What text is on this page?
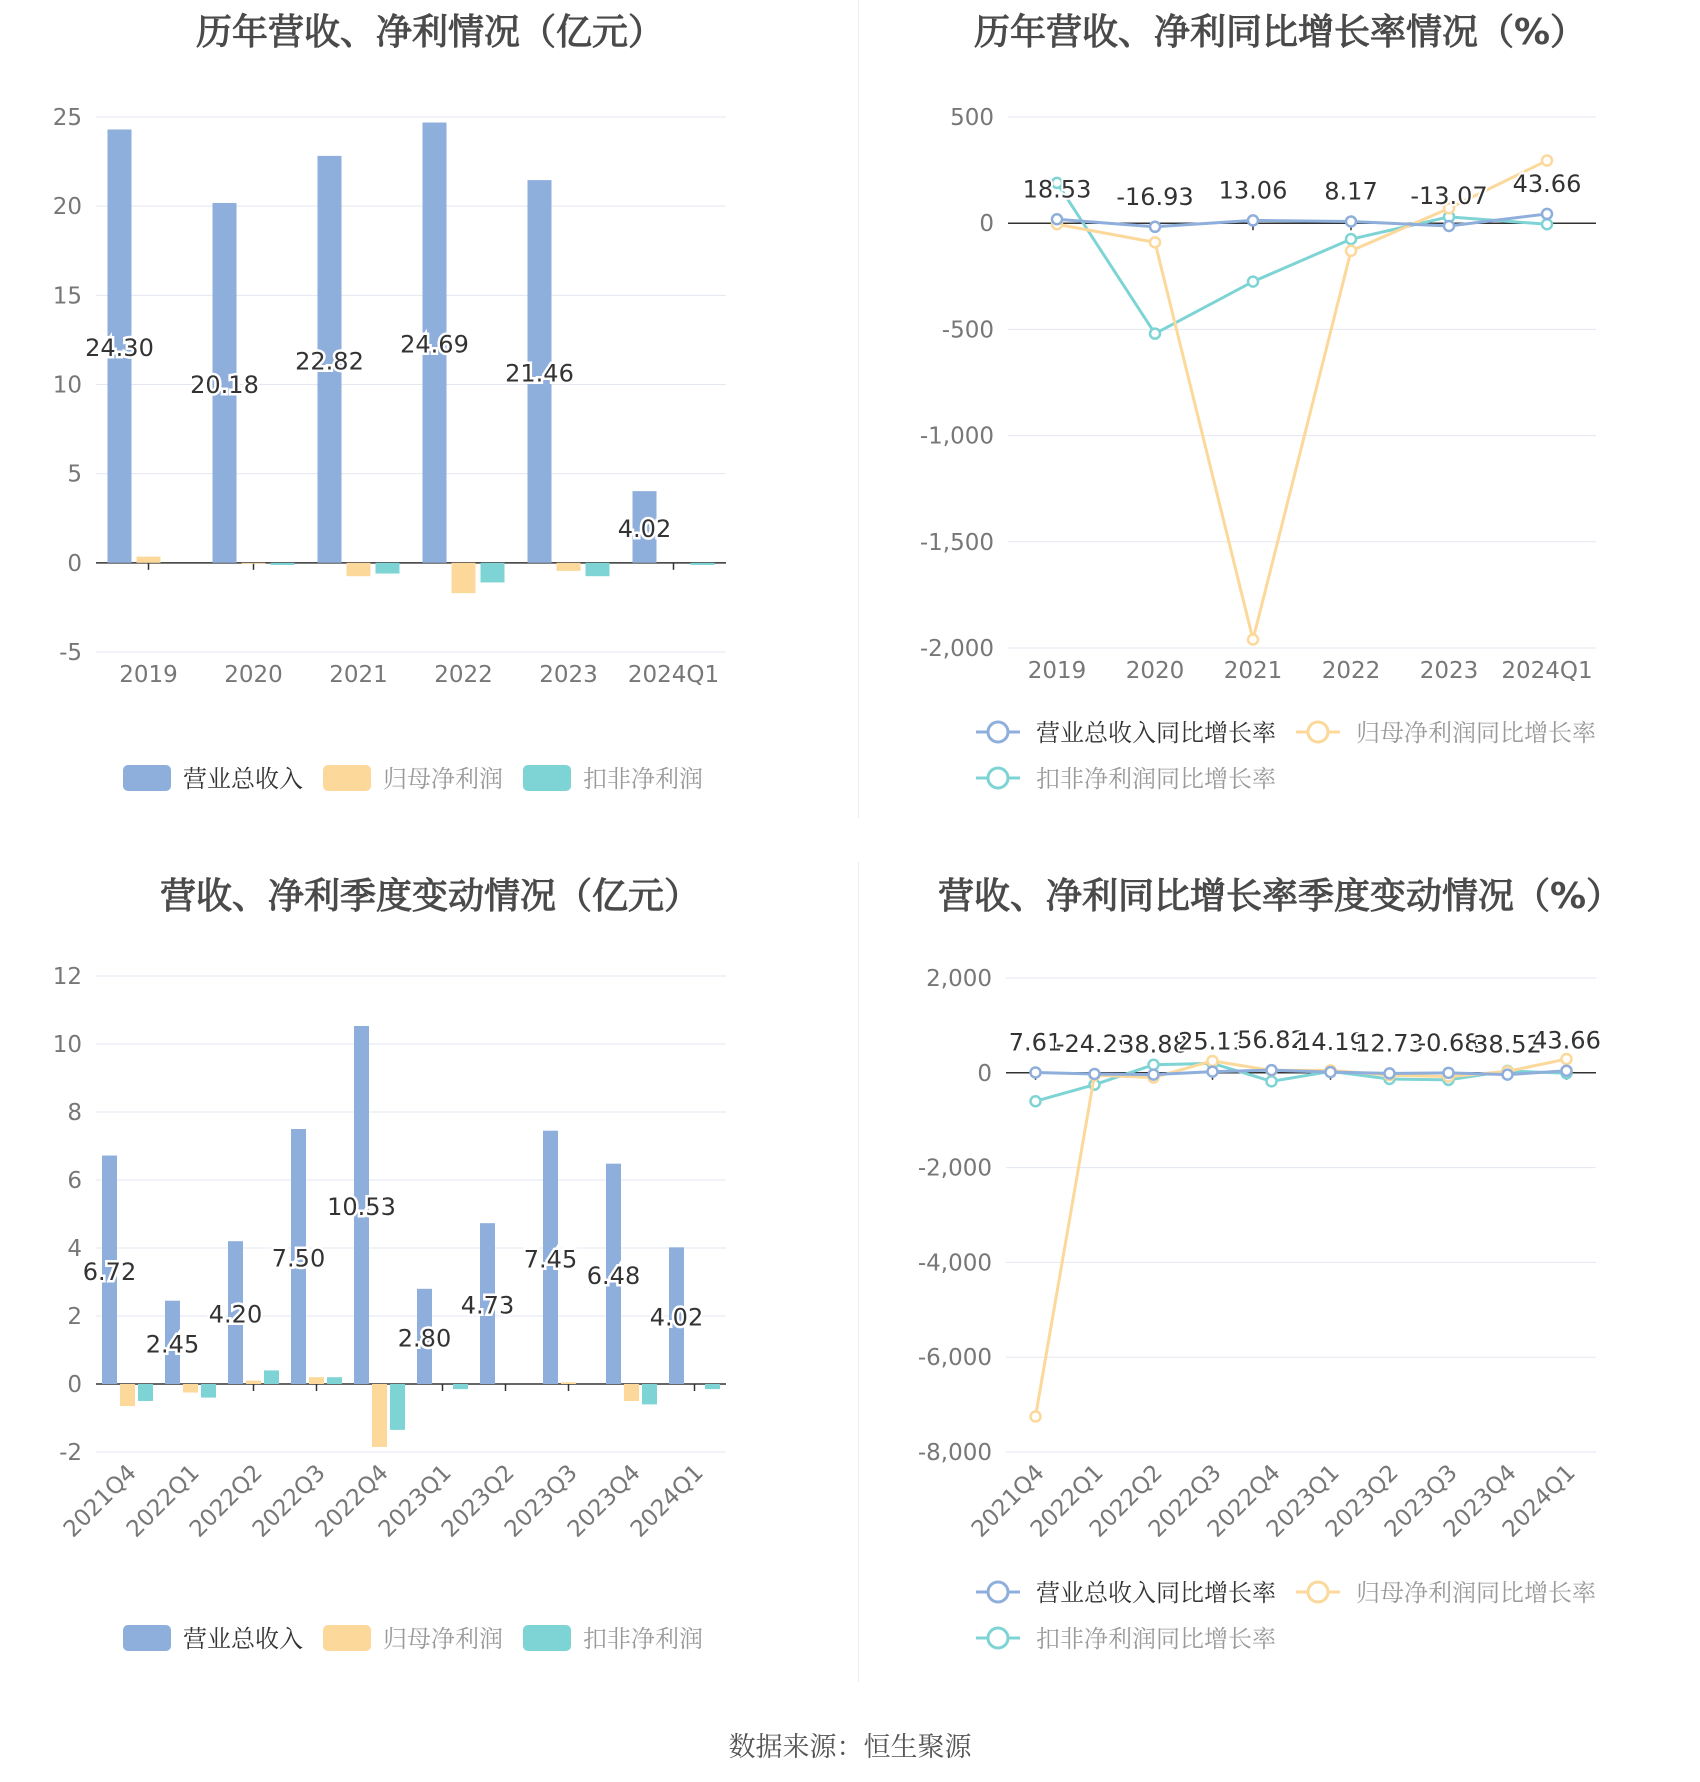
历年营收、净利情况（亿元）
25
20
15
10
5
0
-5
24.30
2019
20.18
2020
22.82
2021
24.69
2022
21.46
2023
4.02
2024Q1
营业总收入	归母净利润	扣非净利润
历年营收、净利同比增长率情况（%）
500
0
-500
-1,000
-1,500
-2,000
2019 2020 2021 2022 2023 2024Q1
18.53 -16.93 13.06 8.17 -13.07 43.66
营业总收入同比增长率	归母净利润同比增长率
扣非净利润同比增长率
营收、净利季度变动情况（亿元）
12
10
8
6
4
2
0
-2
6.72
2021Q4
2.45
2022Q1
4.20
2022Q2
7.50
2022Q3
10.53
2022Q4
2.80
2023Q1
4.73
2023Q2
7.45
2023Q3
6.48
2023Q4
4.02
2024Q1
营业总收入	归母净利润	扣非净利润
营收、净利同比增长率季度变动情况（%）
2,000
0
-2,000
-4,000
-6,000
-8,000
2021Q4
2022Q1
2022Q2
2022Q3
2022Q4
2023Q1
2023Q2
2023Q3
2023Q4
2024Q1
7.61
-24.29
38.88
25.11
56.82
14.19
12.73
-0.68
38.52
43.66
营业总收入同比增长率	归母净利润同比增长率
扣非净利润同比增长率
数据来源：恒生聚源
